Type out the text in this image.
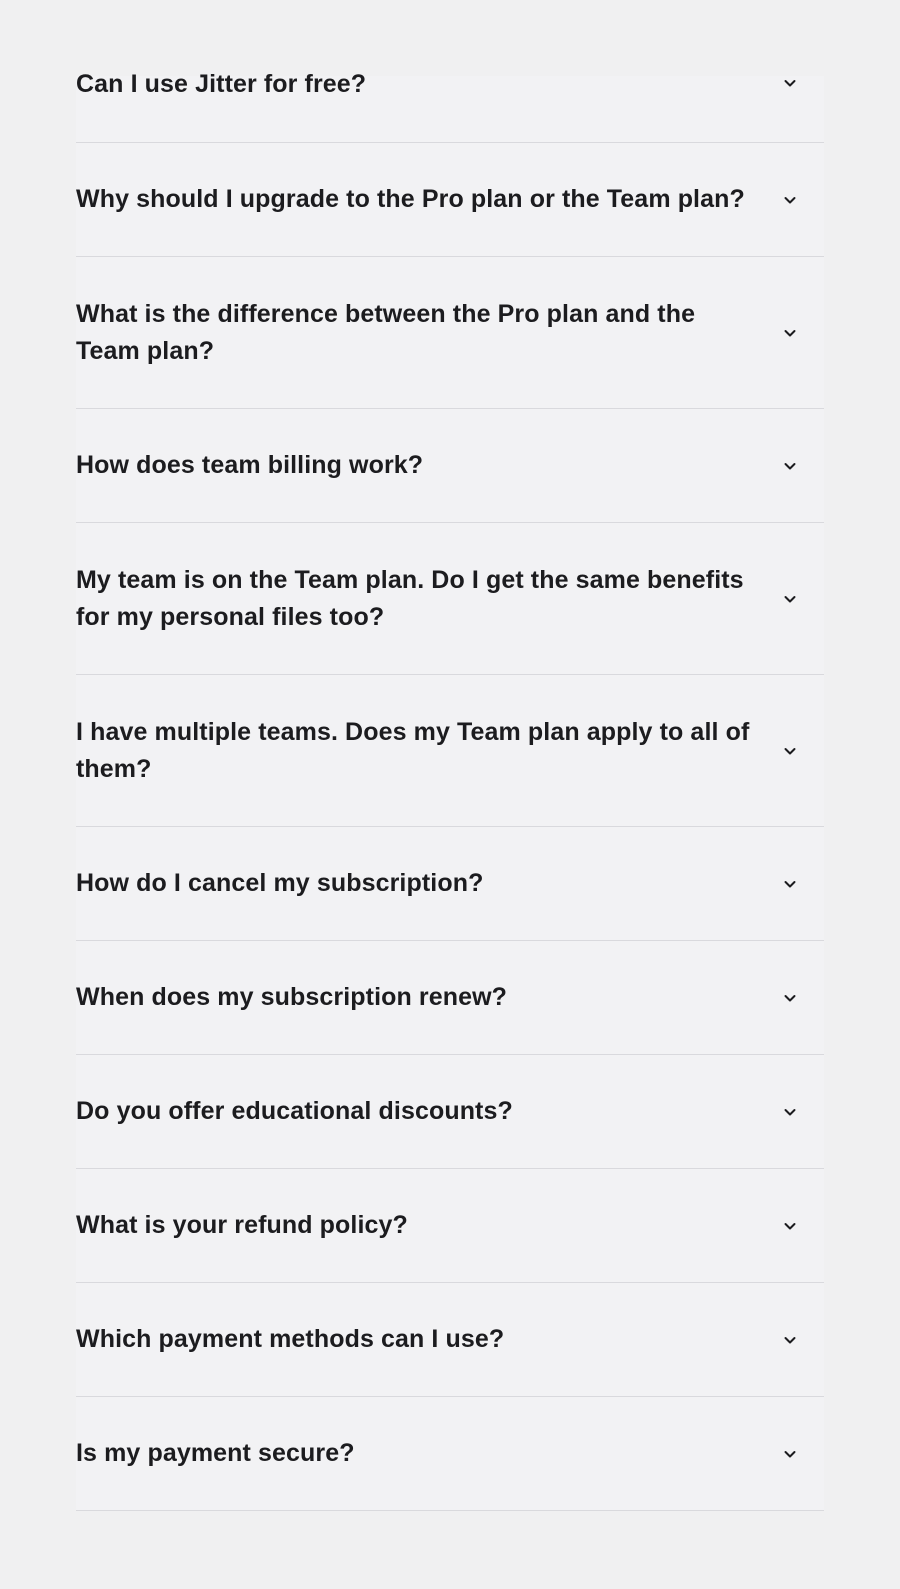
Can I use Jitter for free?
Why should I upgrade to the Pro plan or the Team plan?
What is the difference between the Pro plan and the Team plan?
How does team billing work?
My team is on the Team plan. Do I get the same benefits for my personal files too?
I have multiple teams. Does my Team plan apply to all of them?
How do I cancel my subscription?
When does my subscription renew?
Do you offer educational discounts?
What is your refund policy?
Which payment methods can I use?
Is my payment secure?
